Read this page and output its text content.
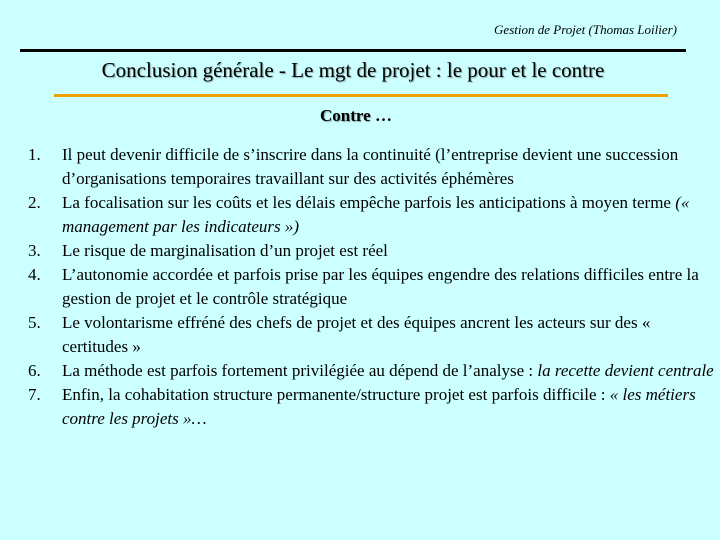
Gestion de Projet (Thomas Loilier)
Conclusion générale - Le mgt de projet : le pour et le contre
Contre …
1. Il peut devenir difficile de s’inscrire dans la continuité (l’entreprise devient une succession d’organisations temporaires travaillant sur des activités éphémères
2. La focalisation sur les coûts et les délais empêche parfois les anticipations à moyen terme (« management par les indicateurs »)
3. Le risque de marginalisation d’un projet est réel
4. L’autonomie accordée et parfois prise par les équipes engendre des relations difficiles entre la gestion de projet et le contrôle stratégique
5. Le volontarisme effréné des chefs de projet et des équipes ancrent les acteurs sur des « certitudes »
6. La méthode est parfois fortement privilégiée au dépend de l’analyse : la recette devient centrale
7. Enfin, la cohabitation structure permanente/structure projet est parfois difficile : « les métiers contre les projets »…
